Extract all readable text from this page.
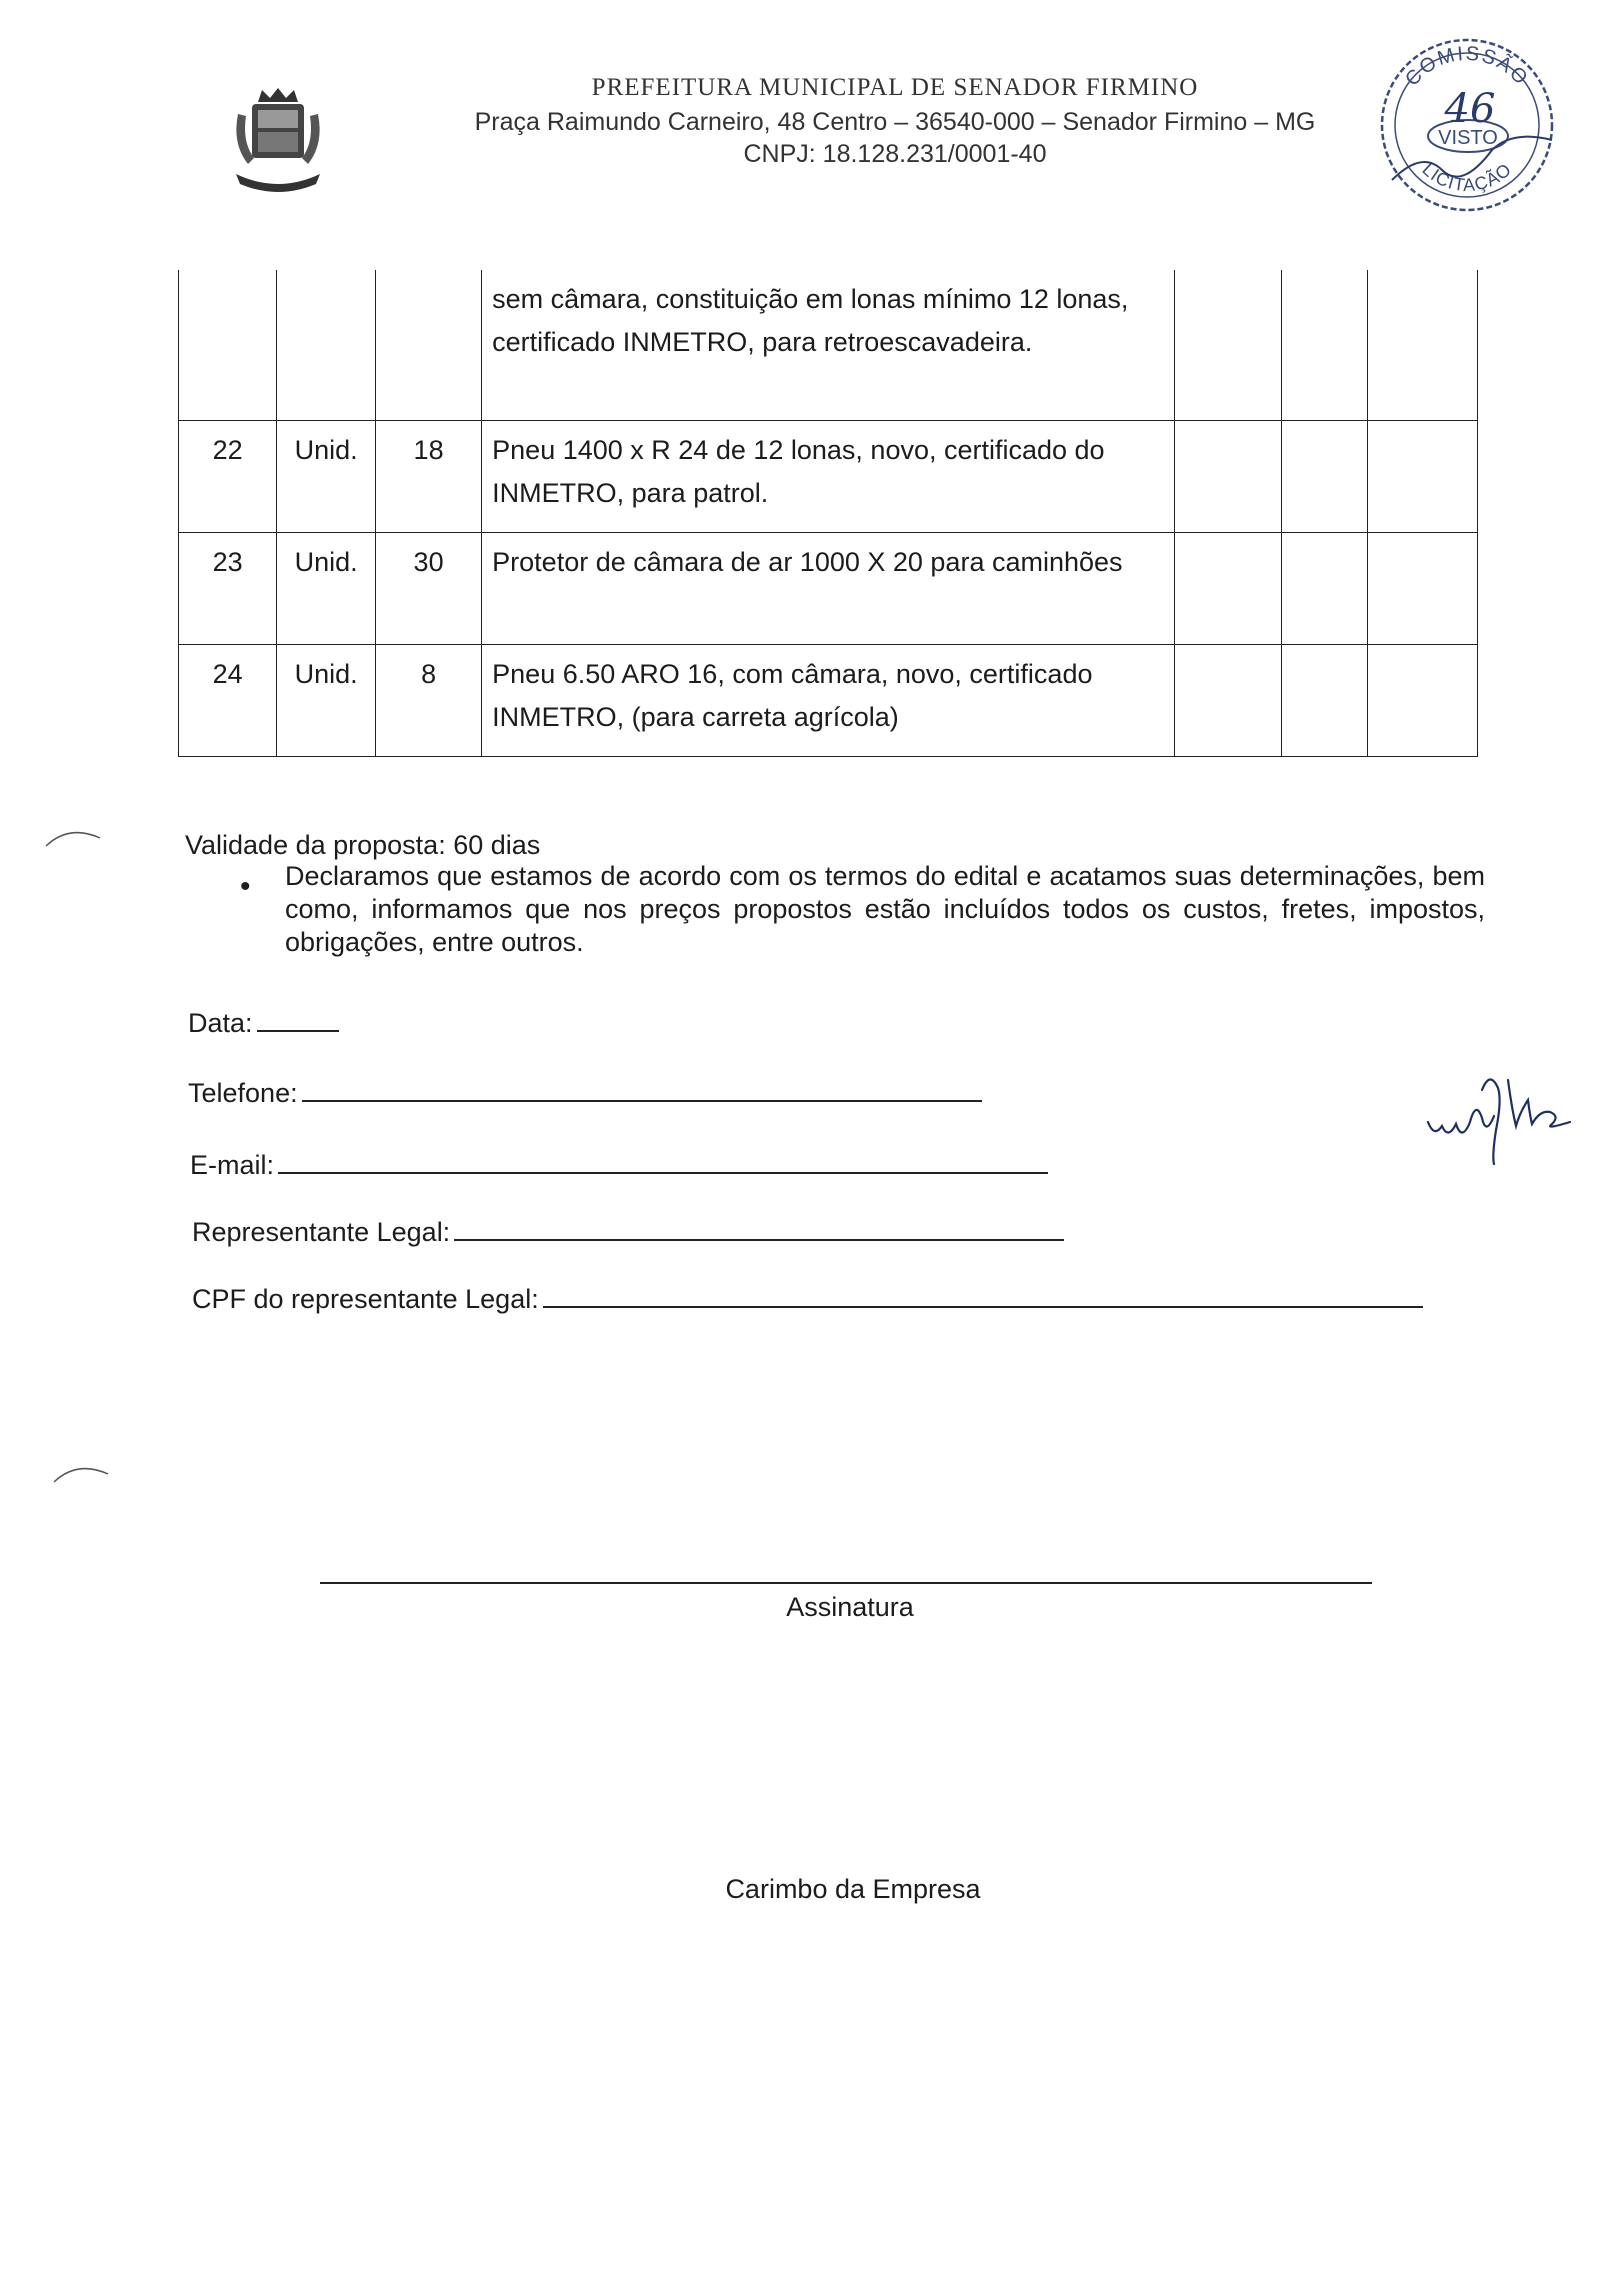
PREFEITURA MUNICIPAL DE SENADOR FIRMINO
Praça Raimundo Carneiro, 48 Centro – 36540-000 – Senador Firmino – MG
CNPJ: 18.128.231/0001-40
COMISSÃO
VISTO
46
LICITAÇÃO
			sem câmara, constituição em lonas mínimo 12 lonas, certificado INMETRO, para retroescavadeira.			
22	Unid.	18	Pneu 1400 x R 24 de 12 lonas, novo, certificado do INMETRO, para patrol.			
23	Unid.	30	Protetor de câmara de ar 1000 X 20 para caminhões			
24	Unid.	8	Pneu 6.50 ARO 16, com câmara, novo, certificado INMETRO, (para carreta agrícola)			
Validade da proposta: 60 dias
• Declaramos que estamos de acordo com os termos do edital e acatamos suas determinações, bem como, informamos que nos preços propostos estão incluídos todos os custos, fretes, impostos, obrigações, entre outros.
Data:
Telefone:
E-mail:
Representante Legal:
CPF do representante Legal:
Assinatura
Carimbo da Empresa
